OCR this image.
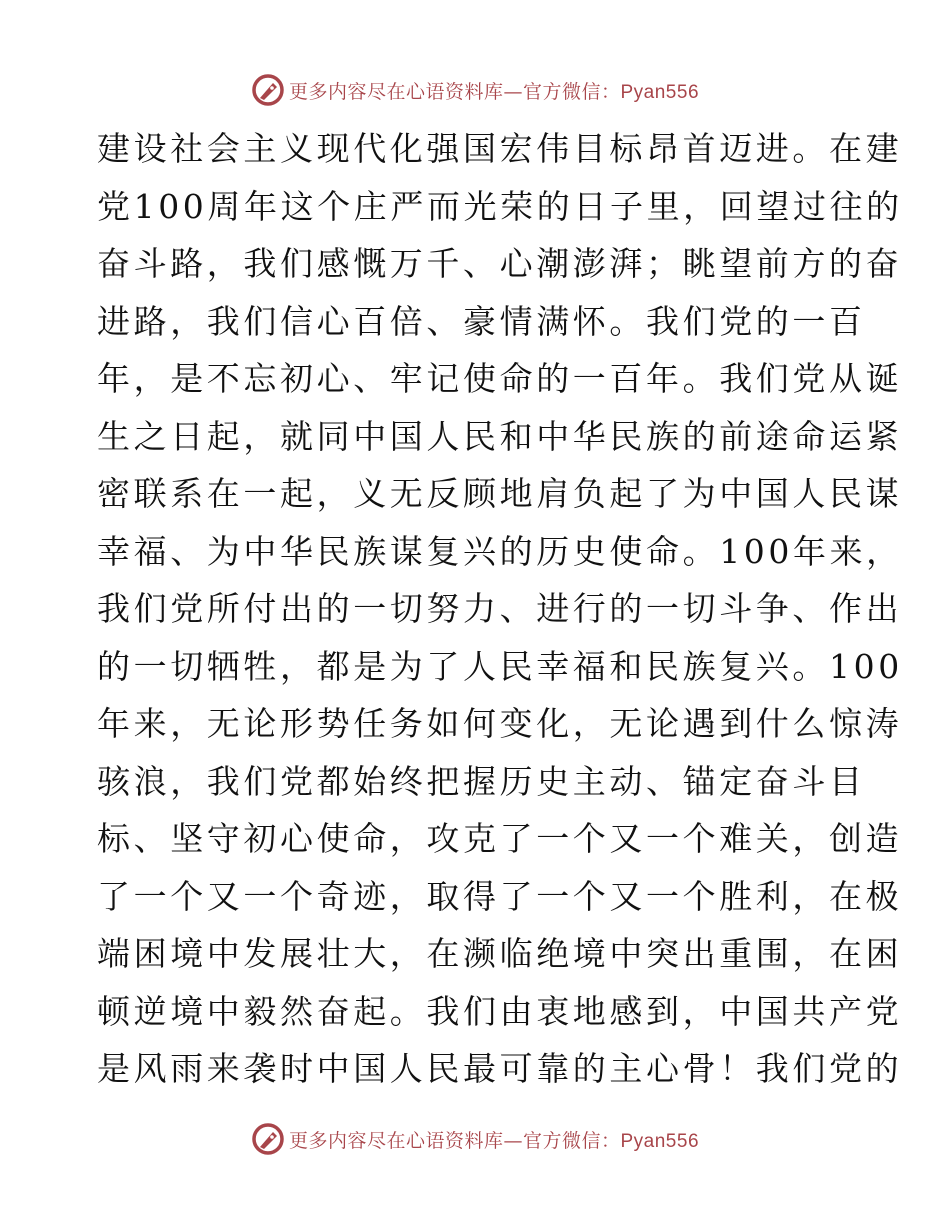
更多内容尽在心语资料库—官方微信：Pyan556
建设社会主义现代化强国宏伟目标昂首迈进。在建
党100周年这个庄严而光荣的日子里，回望过往的
奋斗路，我们感慨万千、心潮澎湃；眺望前方的奋
进路，我们信心百倍、豪情满怀。我们党的一百
年，是不忘初心、牢记使命的一百年。我们党从诞
生之日起，就同中国人民和中华民族的前途命运紧
密联系在一起，义无反顾地肩负起了为中国人民谋
幸福、为中华民族谋复兴的历史使命。100年来，
我们党所付出的一切努力、进行的一切斗争、作出
的一切牺牲，都是为了人民幸福和民族复兴。100
年来，无论形势任务如何变化，无论遇到什么惊涛
骇浪，我们党都始终把握历史主动、锚定奋斗目
标、坚守初心使命，攻克了一个又一个难关，创造
了一个又一个奇迹，取得了一个又一个胜利，在极
端困境中发展壮大，在濒临绝境中突出重围，在困
顿逆境中毅然奋起。我们由衷地感到，中国共产党
是风雨来袭时中国人民最可靠的主心骨！我们党的
更多内容尽在心语资料库—官方微信：Pyan556
